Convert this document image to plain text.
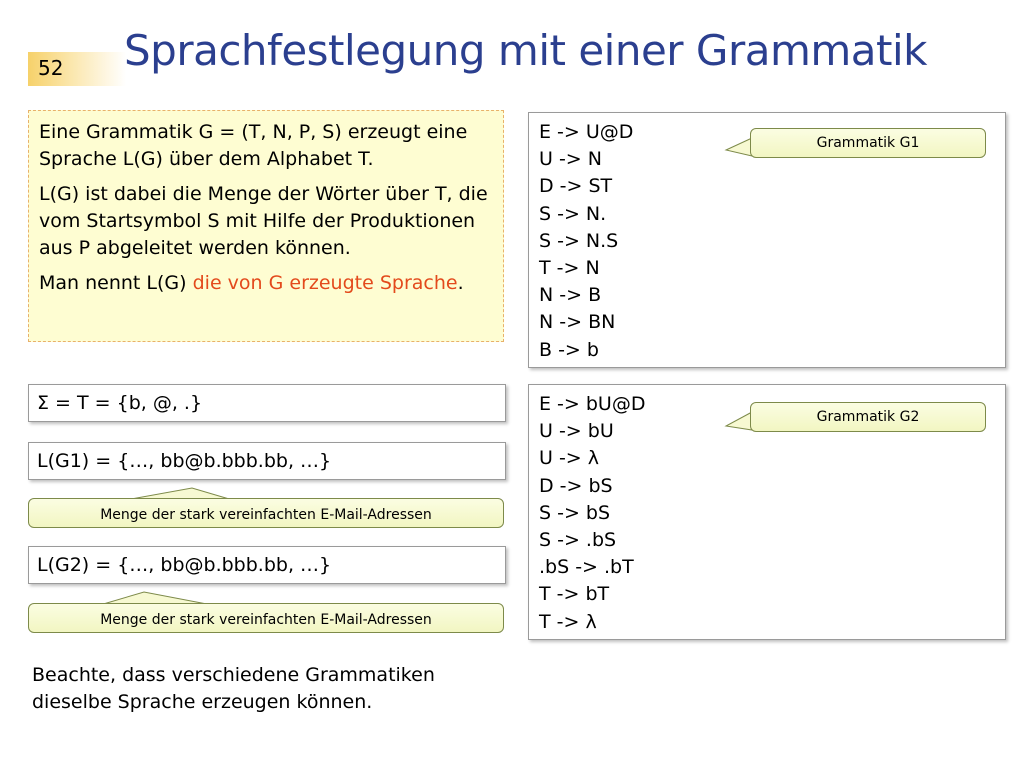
52 Sprachfestlegung mit einer Grammatik

Eine Grammatik G = (T, N, P, S) erzeugt eine Sprache L(G) über dem Alphabet T.

L(G) ist dabei die Menge der Wörter über T, die vom Startsymbol S mit Hilfe der Produktionen aus P abgeleitet werden können.

Man nennt L(G) die von G erzeugte Sprache.

E -> U@D
U -> N
D -> ST
S -> N.
S -> N.S
T -> N
N -> B
N -> BN
B -> b
Grammatik G1
E -> bU@D
U -> bU
U -> λ
D -> bS
S -> bS
S -> .bS
.bS -> .bT
T -> bT
T -> λ
Grammatik G2
Σ = T = {b, @, .}
L(G1) = {…, bb@b.bbb.bb, …}
Menge der stark vereinfachten E-Mail-Adressen
L(G2) = {…, bb@b.bbb.bb, …}
Menge der stark vereinfachten E-Mail-Adressen
Beachte, dass verschiedene Grammatiken dieselbe Sprache erzeugen können.
